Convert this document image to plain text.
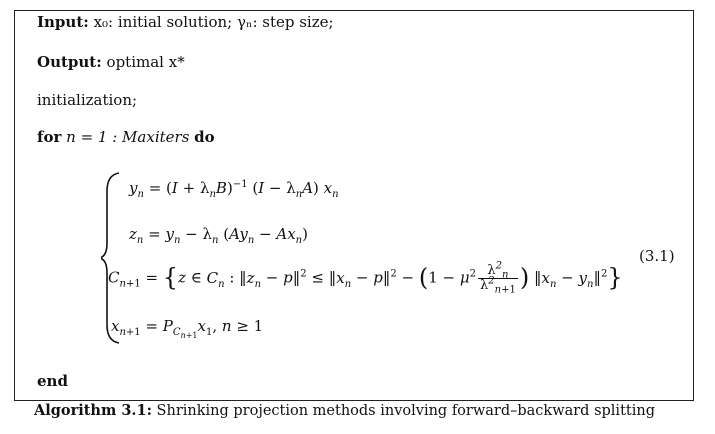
Input: x₀: initial solution; γₙ: step size;
Output: optimal x*
initialization;
for n = 1 : Maxiters do
$y_n = (I + \lambda_nB)^{-1}$ $(I - \lambda_nA)$ $x_n$
$z_n = y_n - \lambda_n$ $(Ay_n - Ax_n)$
$C_{n+1} = \{z$ ∈ $C_n$ : $‖z_n$ − p‖$^2$ ≤ $‖x_n$ − p‖$^2$ − ($1 - \mu^2 \frac{\lambda^2_n}{\lambda^2_{n+1}}$ ) $‖x_n$ − $y_n‖^2$}
$x_{n+1} = P_{C_{n+1}}x_1$, n ≥ 1
(3.1)
end
Algorithm 3.1: Shrinking projection methods involving forward–backward splitting
